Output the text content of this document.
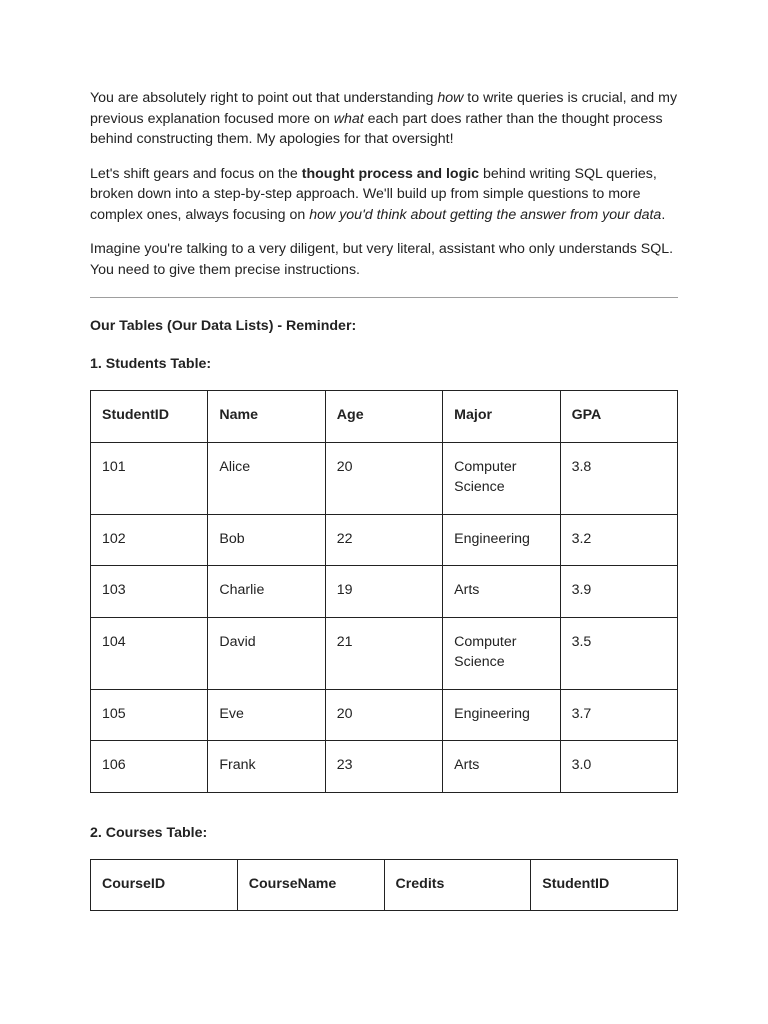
You are absolutely right to point out that understanding how to write queries is crucial, and my previous explanation focused more on what each part does rather than the thought process behind constructing them. My apologies for that oversight!

Let's shift gears and focus on the thought process and logic behind writing SQL queries, broken down into a step-by-step approach. We'll build up from simple questions to more complex ones, always focusing on how you'd think about getting the answer from your data.

Imagine you're talking to a very diligent, but very literal, assistant who only understands SQL. You need to give them precise instructions.

Our Tables (Our Data Lists) - Reminder:
1. Students Table:
StudentID	Name	Age	Major	GPA
101	Alice	20	Computer Science	3.8
102	Bob	22	Engineering	3.2
103	Charlie	19	Arts	3.9
104	David	21	Computer Science	3.5
105	Eve	20	Engineering	3.7
106	Frank	23	Arts	3.0
2. Courses Table:
CourseID	CourseName	Credits	StudentID
